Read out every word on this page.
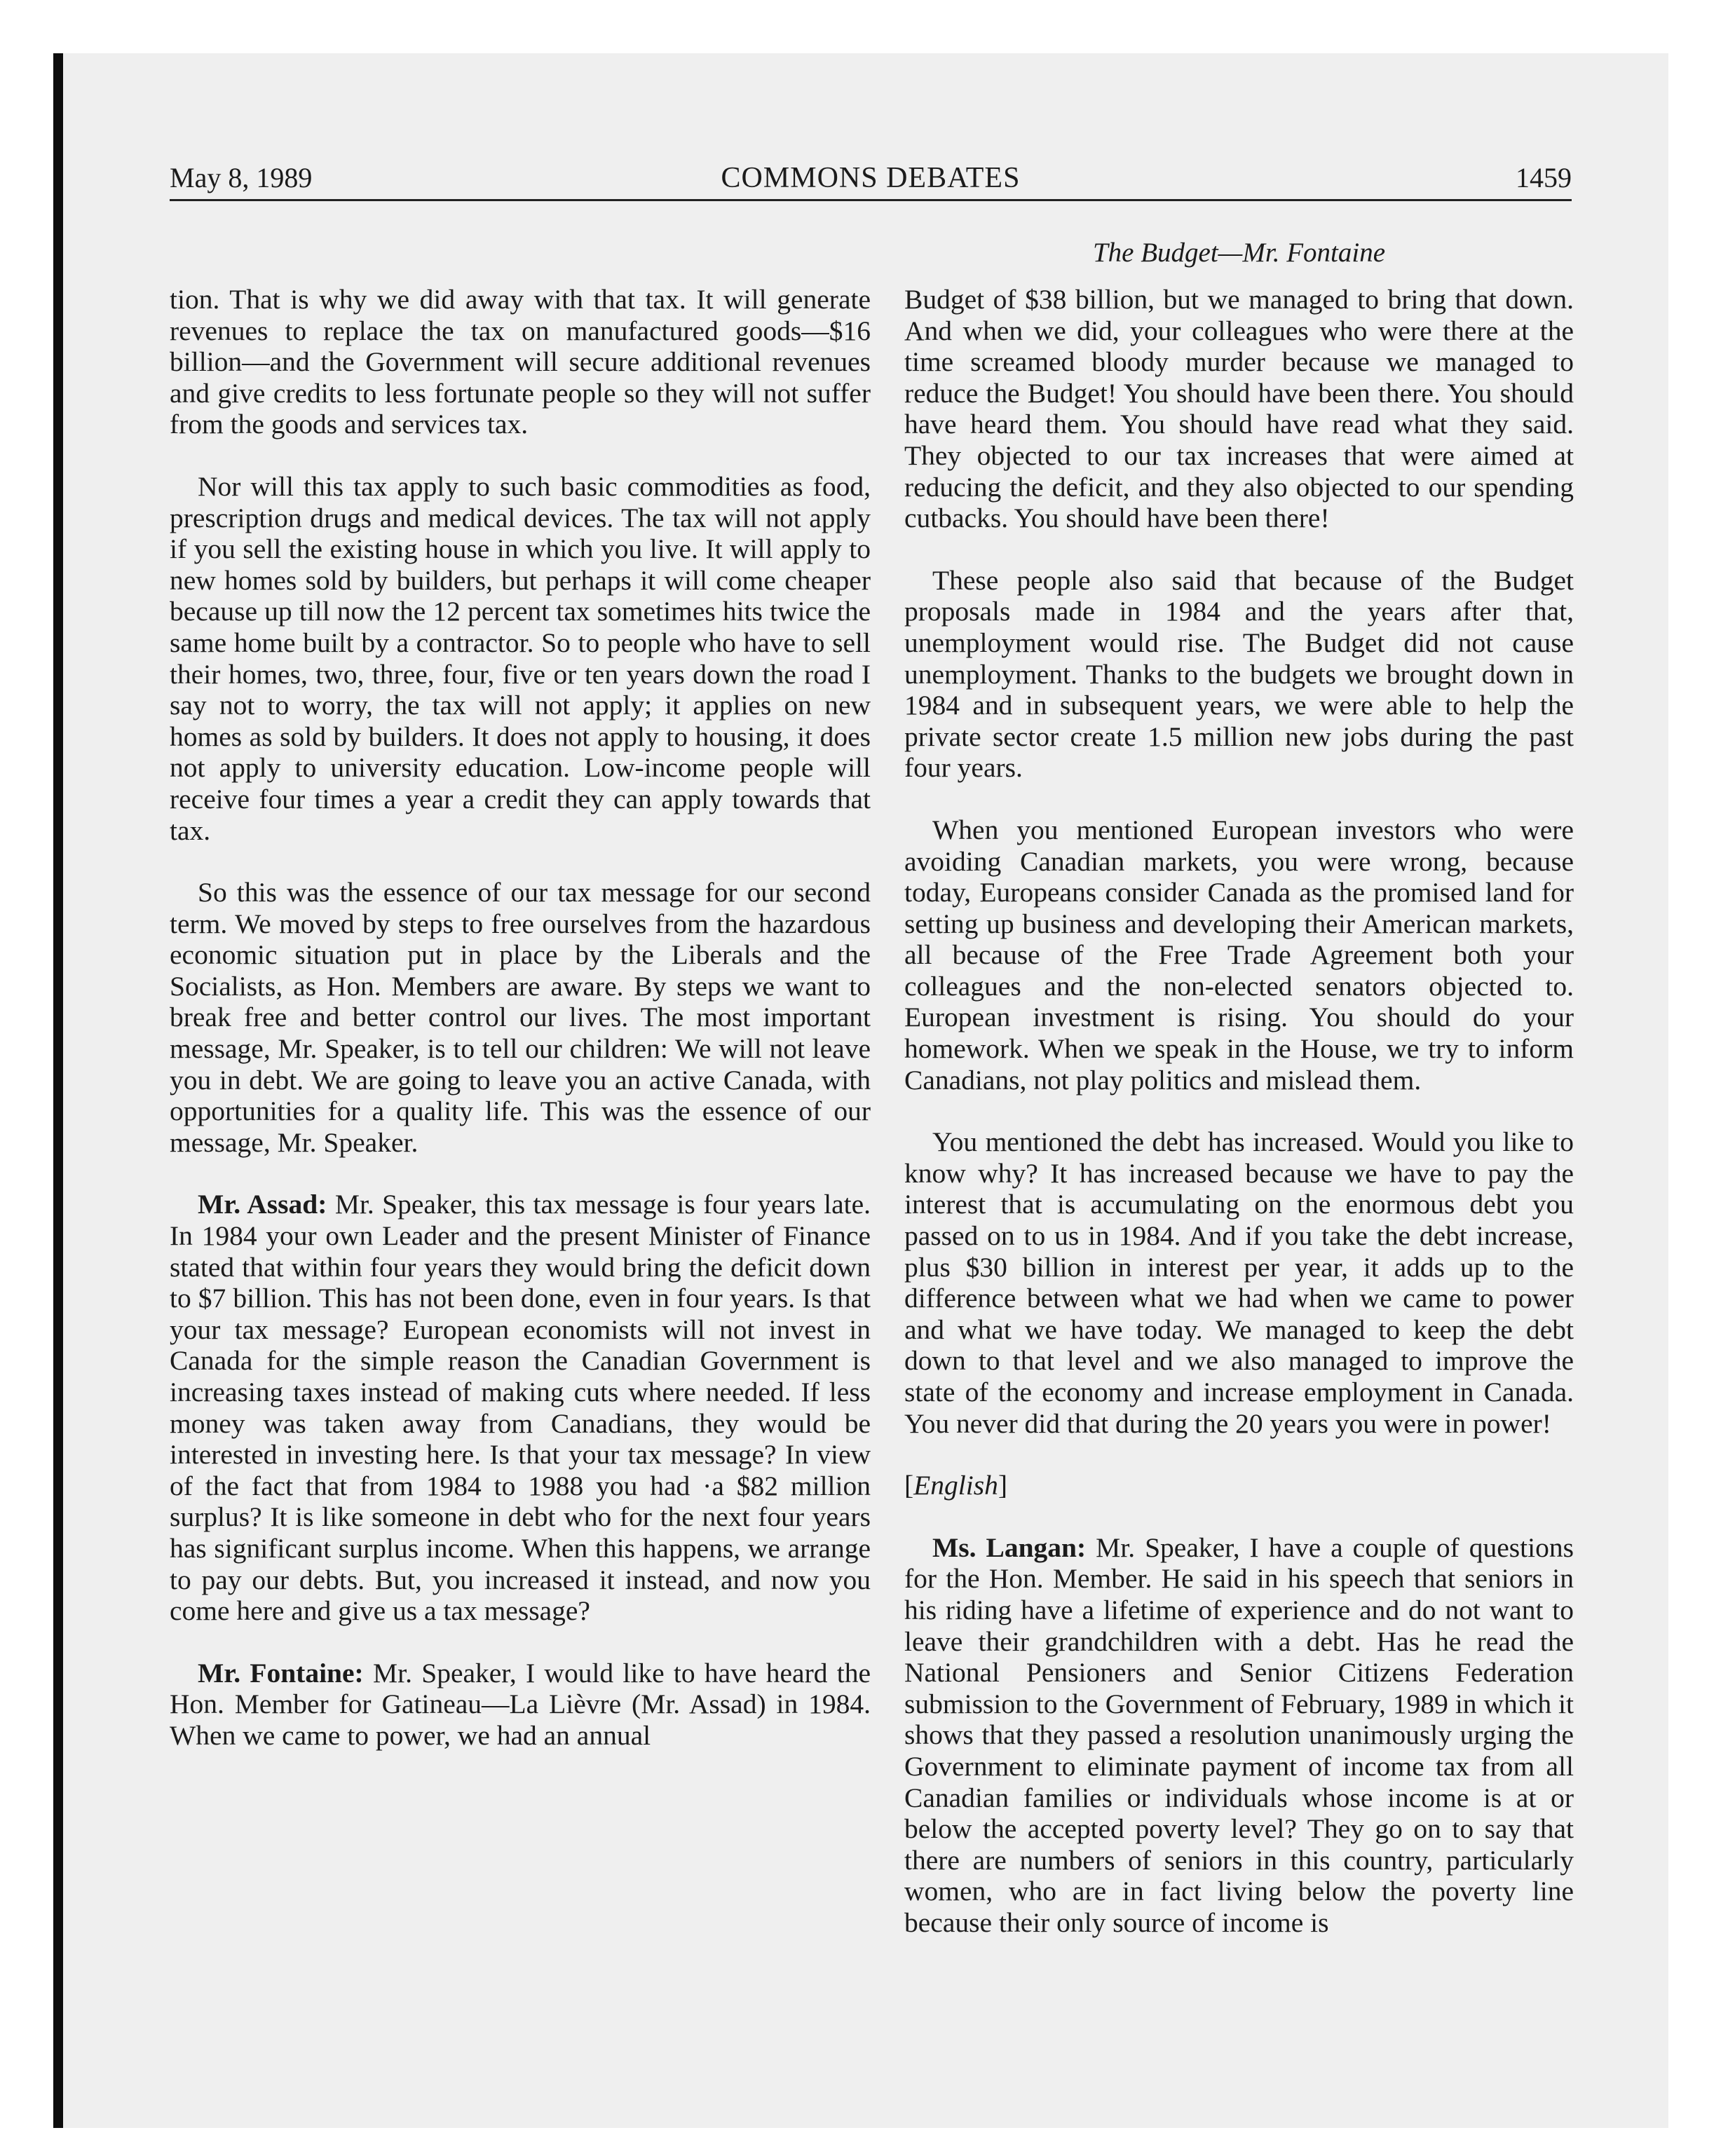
May 8, 1989	COMMONS DEBATES	1459
The Budget—Mr. Fontaine

tion. That is why we did away with that tax. It will generate revenues to replace the tax on manufactured goods—$16 billion—and the Government will secure additional revenues and give credits to less fortunate people so they will not suffer from the goods and services tax.

Nor will this tax apply to such basic commodities as food, prescription drugs and medical devices. The tax will not apply if you sell the existing house in which you live. It will apply to new homes sold by builders, but perhaps it will come cheaper because up till now the 12 percent tax sometimes hits twice the same home built by a contractor. So to people who have to sell their homes, two, three, four, five or ten years down the road I say not to worry, the tax will not apply; it applies on new homes as sold by builders. It does not apply to housing, it does not apply to university education. Low-income people will receive four times a year a credit they can apply towards that tax.

So this was the essence of our tax message for our second term. We moved by steps to free ourselves from the hazardous economic situation put in place by the Liberals and the Socialists, as Hon. Members are aware. By steps we want to break free and better control our lives. The most important message, Mr. Speaker, is to tell our children: We will not leave you in debt. We are going to leave you an active Canada, with opportunities for a quality life. This was the essence of our message, Mr. Speaker.

Mr. Assad: Mr. Speaker, this tax message is four years late. In 1984 your own Leader and the present Minister of Finance stated that within four years they would bring the deficit down to $7 billion. This has not been done, even in four years. Is that your tax message? European economists will not invest in Canada for the simple reason the Canadian Government is increasing taxes instead of making cuts where needed. If less money was taken away from Canadians, they would be interested in investing here. Is that your tax message? In view of the fact that from 1984 to 1988 you had ·a $82 million surplus? It is like someone in debt who for the next four years has significant surplus income. When this happens, we arrange to pay our debts. But, you increased it instead, and now you come here and give us a tax message?

Mr. Fontaine: Mr. Speaker, I would like to have heard the Hon. Member for Gatineau—La Lièvre (Mr. Assad) in 1984. When we came to power, we had an annual

Budget of $38 billion, but we managed to bring that down. And when we did, your colleagues who were there at the time screamed bloody murder because we managed to reduce the Budget! You should have been there. You should have heard them. You should have read what they said. They objected to our tax increases that were aimed at reducing the deficit, and they also objected to our spending cutbacks. You should have been there!

These people also said that because of the Budget proposals made in 1984 and the years after that, unemployment would rise. The Budget did not cause unemployment. Thanks to the budgets we brought down in 1984 and in subsequent years, we were able to help the private sector create 1.5 million new jobs during the past four years.

When you mentioned European investors who were avoiding Canadian markets, you were wrong, because today, Europeans consider Canada as the promised land for setting up business and developing their American markets, all because of the Free Trade Agreement both your colleagues and the non-elected senators objected to. European investment is rising. You should do your homework. When we speak in the House, we try to inform Canadians, not play politics and mislead them.

You mentioned the debt has increased. Would you like to know why? It has increased because we have to pay the interest that is accumulating on the enormous debt you passed on to us in 1984. And if you take the debt increase, plus $30 billion in interest per year, it adds up to the difference between what we had when we came to power and what we have today. We managed to keep the debt down to that level and we also managed to improve the state of the economy and increase employment in Canada. You never did that during the 20 years you were in power!

[English]

Ms. Langan: Mr. Speaker, I have a couple of questions for the Hon. Member. He said in his speech that seniors in his riding have a lifetime of experience and do not want to leave their grandchildren with a debt. Has he read the National Pensioners and Senior Citizens Federation submission to the Government of February, 1989 in which it shows that they passed a resolution unanimously urging the Government to eliminate payment of income tax from all Canadian families or individuals whose income is at or below the accepted poverty level? They go on to say that there are numbers of seniors in this country, particularly women, who are in fact living below the poverty line because their only source of income is
